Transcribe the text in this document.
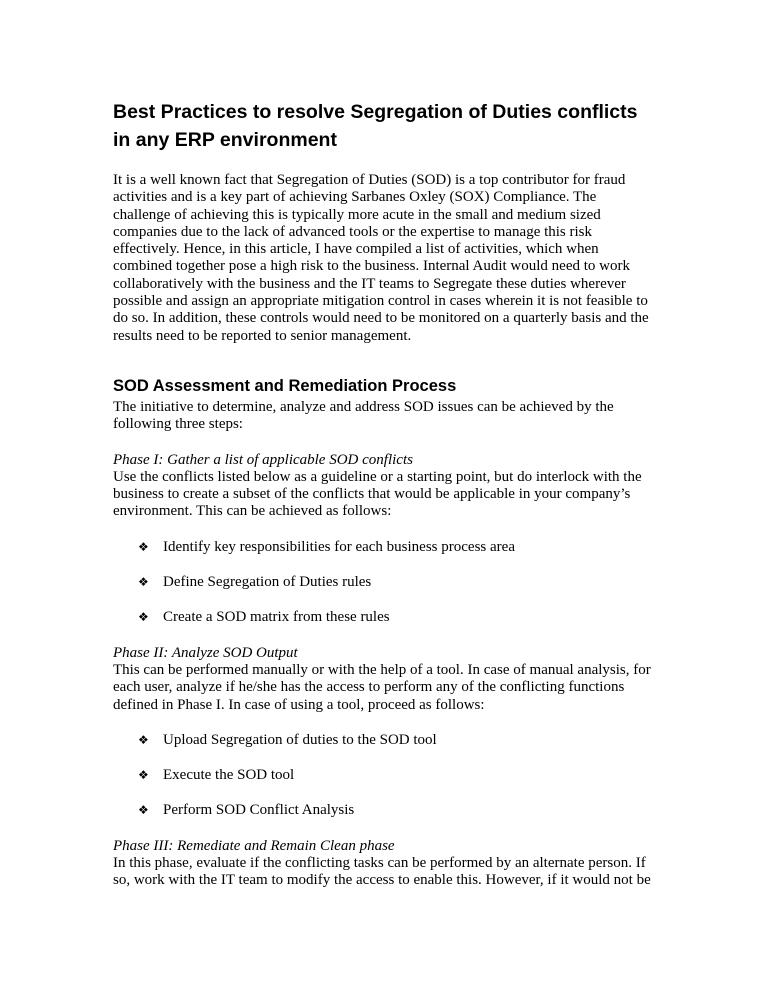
Best Practices to resolve Segregation of Duties conflicts in any ERP environment

It is a well known fact that Segregation of Duties (SOD) is a top contributor for fraud activities and is a key part of achieving Sarbanes Oxley (SOX) Compliance. The challenge of achieving this is typically more acute in the small and medium sized companies due to the lack of advanced tools or the expertise to manage this risk effectively. Hence, in this article, I have compiled a list of activities, which when combined together pose a high risk to the business. Internal Audit would need to work collaboratively with the business and the IT teams to Segregate these duties wherever possible and assign an appropriate mitigation control in cases wherein it is not feasible to do so. In addition, these controls would need to be monitored on a quarterly basis and the results need to be reported to senior management.

SOD Assessment and Remediation Process

The initiative to determine, analyze and address SOD issues can be achieved by the following three steps:

Phase I: Gather a list of applicable SOD conflicts

Use the conflicts listed below as a guideline or a starting point, but do interlock with the business to create a subset of the conflicts that would be applicable in your company’s environment. This can be achieved as follows:

❖ Identify key responsibilities for each business process area
❖ Define Segregation of Duties rules
❖ Create a SOD matrix from these rules
Phase II: Analyze SOD Output

This can be performed manually or with the help of a tool. In case of manual analysis, for each user, analyze if he/she has the access to perform any of the conflicting functions defined in Phase I. In case of using a tool, proceed as follows:

❖ Upload Segregation of duties to the SOD tool
❖ Execute the SOD tool
❖ Perform SOD Conflict Analysis
Phase III: Remediate and Remain Clean phase

In this phase, evaluate if the conflicting tasks can be performed by an alternate person. If so, work with the IT team to modify the access to enable this. However, if it would not be
